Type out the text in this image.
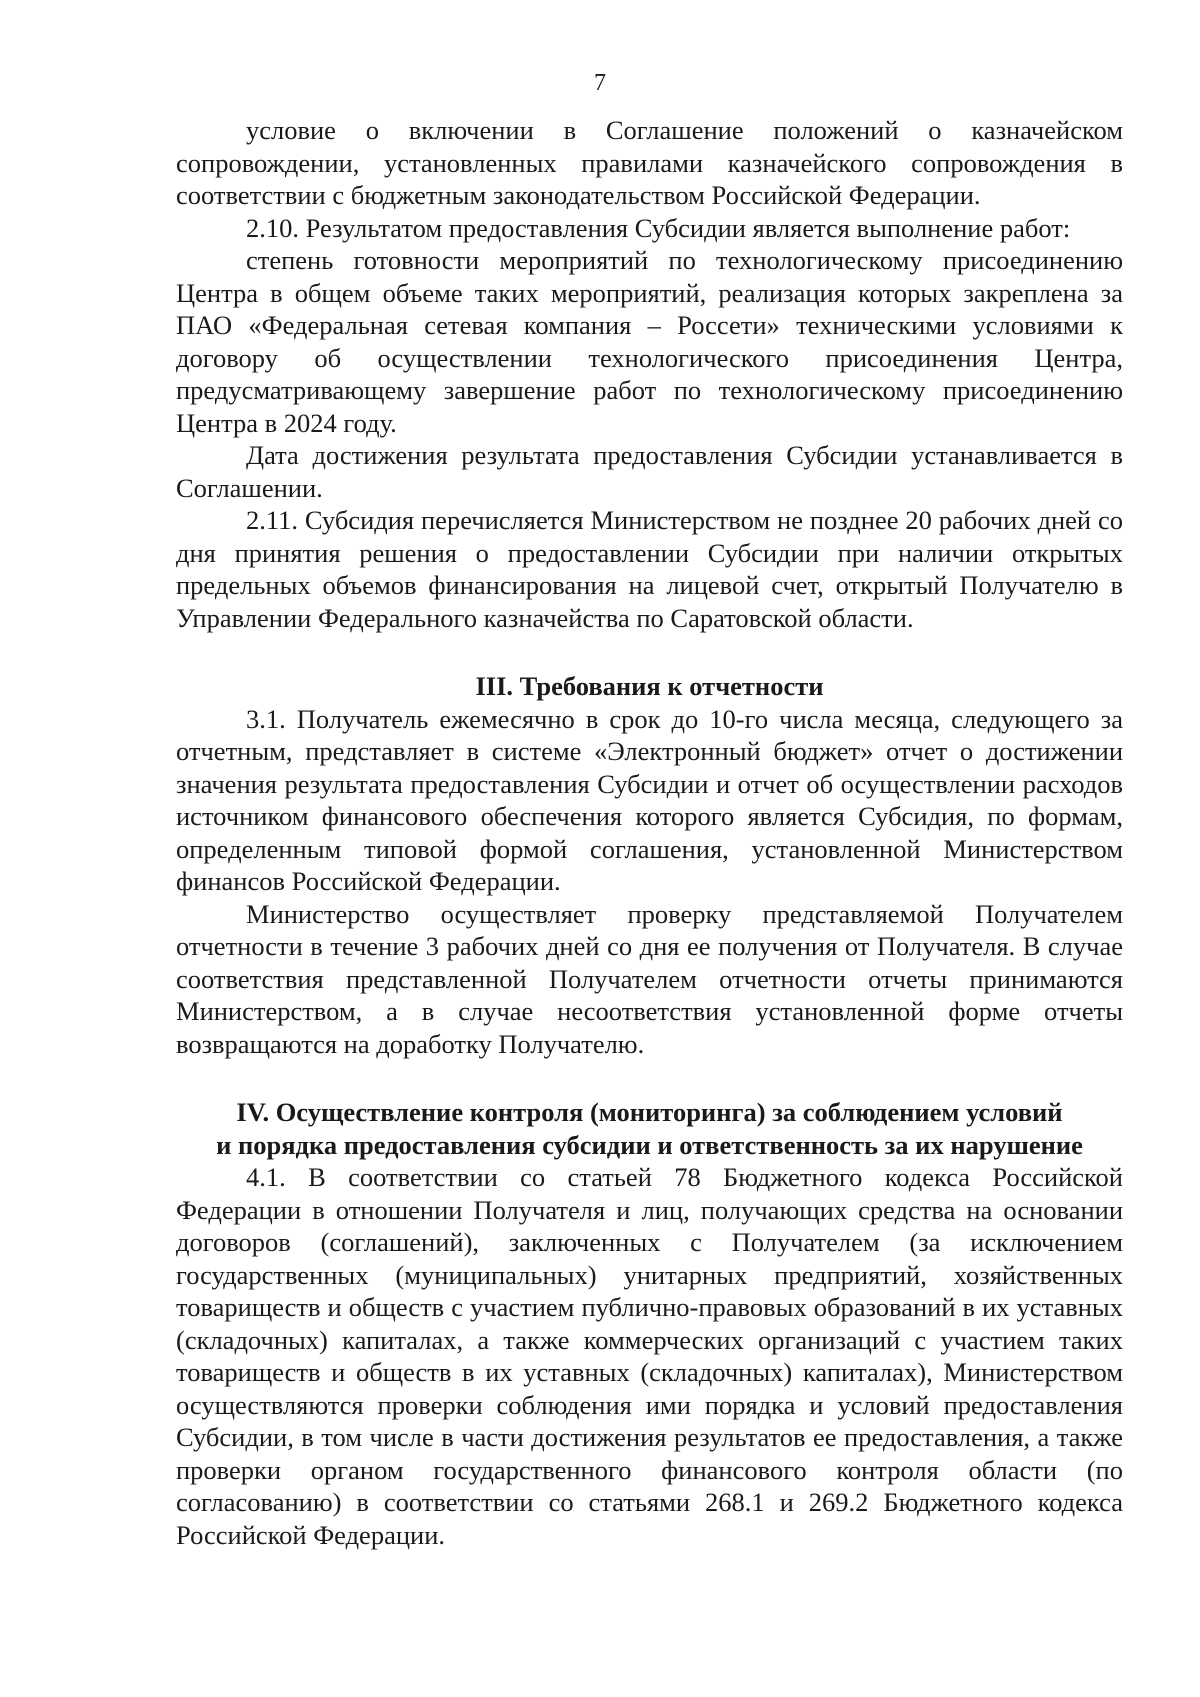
7

условие о включении в Соглашение положений о казначейском сопровождении, установленных правилами казначейского сопровождения в соответствии с бюджетным законодательством Российской Федерации.

2.10. Результатом предоставления Субсидии является выполнение работ:

степень готовности мероприятий по технологическому присоединению Центра в общем объеме таких мероприятий, реализация которых закреплена за ПАО «Федеральная сетевая компания – Россети» техническими условиями к договору об осуществлении технологического присоединения Центра, предусматривающему завершение работ по технологическому присоединению Центра в 2024 году.

Дата достижения результата предоставления Субсидии устанавливается в Соглашении.

2.11. Субсидия перечисляется Министерством не позднее 20 рабочих дней со дня принятия решения о предоставлении Субсидии при наличии открытых предельных объемов финансирования на лицевой счет, открытый Получателю в Управлении Федерального казначейства по Саратовской области.

III. Требования к отчетности

3.1. Получатель ежемесячно в срок до 10-го числа месяца, следующего за отчетным, представляет в системе «Электронный бюджет» отчет о достижении значения результата предоставления Субсидии и отчет об осуществлении расходов источником финансового обеспечения которого является Субсидия, по формам, определенным типовой формой соглашения, установленной Министерством финансов Российской Федерации.

Министерство осуществляет проверку представляемой Получателем отчетности в течение 3 рабочих дней со дня ее получения от Получателя. В случае соответствия представленной Получателем отчетности отчеты принимаются Министерством, а в случае несоответствия установленной форме отчеты возвращаются на доработку Получателю.

IV. Осуществление контроля (мониторинга) за соблюдением условий

и порядка предоставления субсидии и ответственность за их нарушение

4.1. В соответствии со статьей 78 Бюджетного кодекса Российской Федерации в отношении Получателя и лиц, получающих средства на основании договоров (соглашений), заключенных с Получателем (за исключением государственных (муниципальных) унитарных предприятий, хозяйственных товариществ и обществ с участием публично-правовых образований в их уставных (складочных) капиталах, а также коммерческих организаций с участием таких товариществ и обществ в их уставных (складочных) капиталах), Министерством осуществляются проверки соблюдения ими порядка и условий предоставления Субсидии, в том числе в части достижения результатов ее предоставления, а также проверки органом государственного финансового контроля области (по согласованию) в соответствии со статьями 268.1 и 269.2 Бюджетного кодекса Российской Федерации.
